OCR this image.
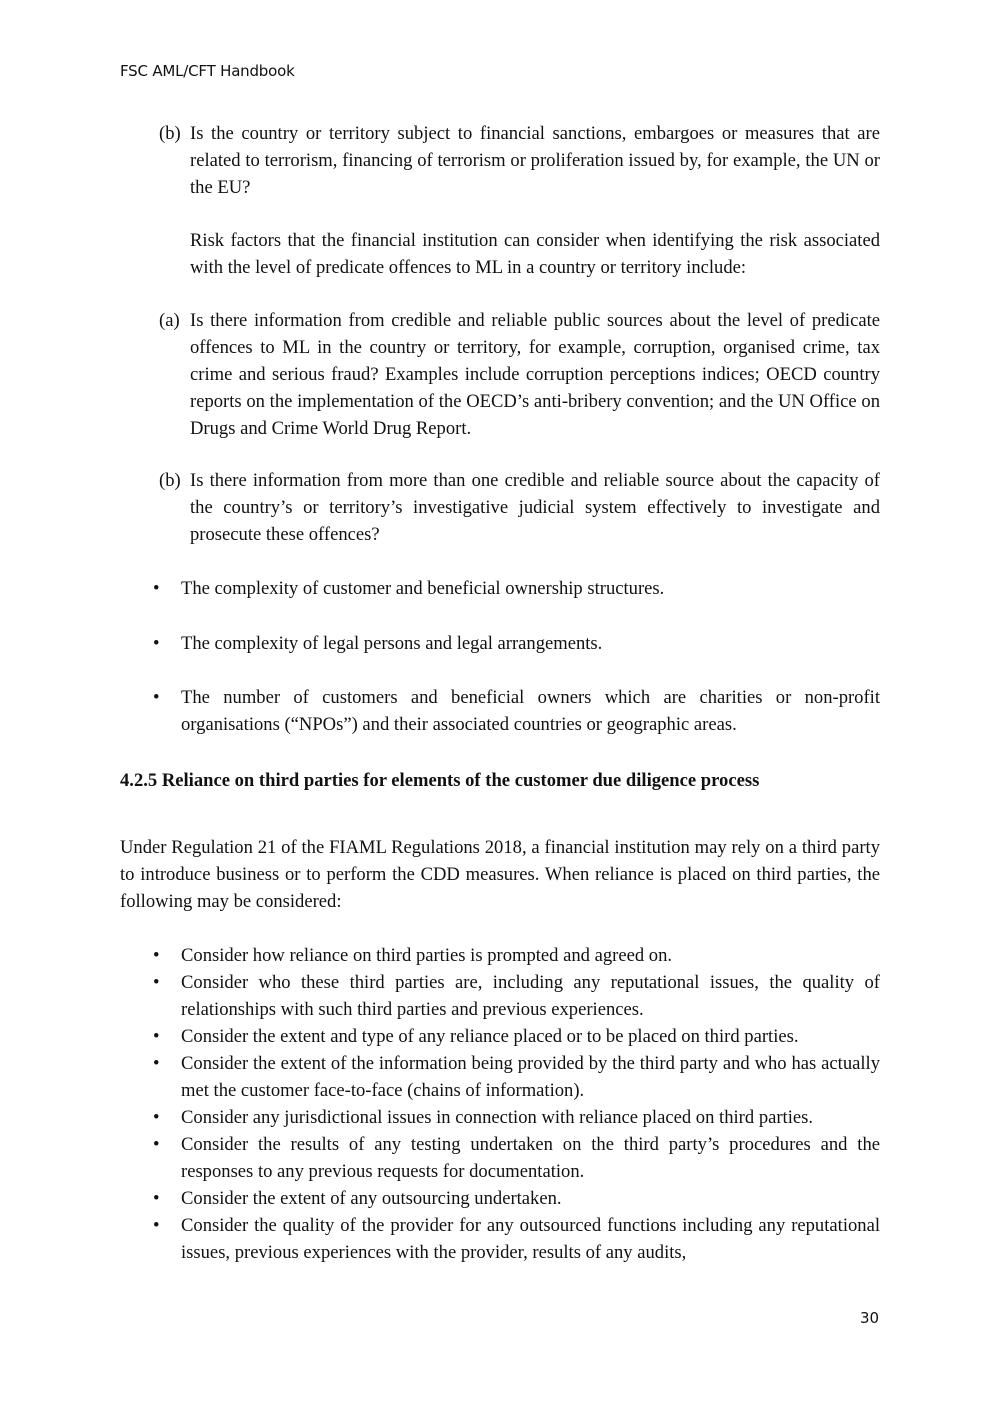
FSC AML/CFT Handbook
(b) Is the country or territory subject to financial sanctions, embargoes or measures that are related to terrorism, financing of terrorism or proliferation issued by, for example, the UN or the EU?
Risk factors that the financial institution can consider when identifying the risk associated with the level of predicate offences to ML in a country or territory include:
(a) Is there information from credible and reliable public sources about the level of predicate offences to ML in the country or territory, for example, corruption, organised crime, tax crime and serious fraud? Examples include corruption perceptions indices; OECD country reports on the implementation of the OECD’s anti-bribery convention; and the UN Office on Drugs and Crime World Drug Report.
(b) Is there information from more than one credible and reliable source about the capacity of the country’s or territory’s investigative judicial system effectively to investigate and prosecute these offences?
• The complexity of customer and beneficial ownership structures.
• The complexity of legal persons and legal arrangements.
• The number of customers and beneficial owners which are charities or non-profit organisations (“NPOs”) and their associated countries or geographic areas.
4.2.5 Reliance on third parties for elements of the customer due diligence process
Under Regulation 21 of the FIAML Regulations 2018, a financial institution may rely on a third party to introduce business or to perform the CDD measures. When reliance is placed on third parties, the following may be considered:
• Consider how reliance on third parties is prompted and agreed on.
• Consider who these third parties are, including any reputational issues, the quality of relationships with such third parties and previous experiences.
• Consider the extent and type of any reliance placed or to be placed on third parties.
• Consider the extent of the information being provided by the third party and who has actually met the customer face-to-face (chains of information).
• Consider any jurisdictional issues in connection with reliance placed on third parties.
• Consider the results of any testing undertaken on the third party’s procedures and the responses to any previous requests for documentation.
• Consider the extent of any outsourcing undertaken.
• Consider the quality of the provider for any outsourced functions including any reputational issues, previous experiences with the provider, results of any audits,
30
